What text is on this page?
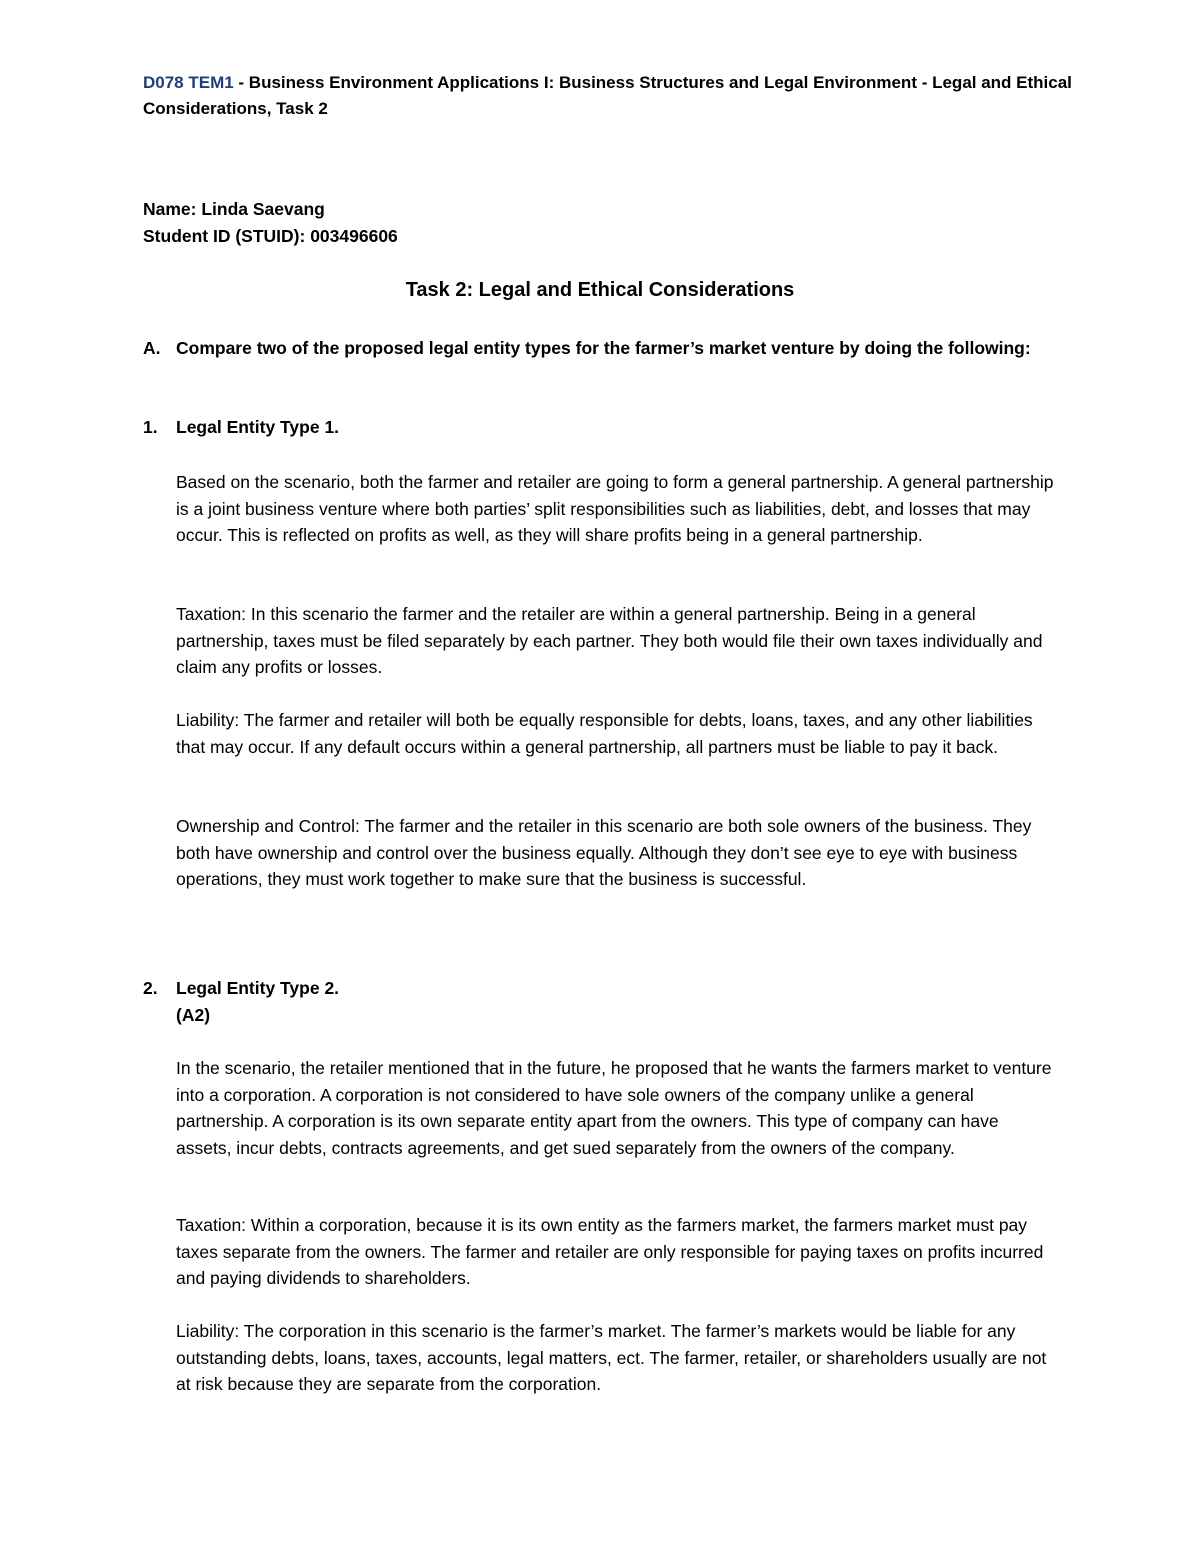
D078 TEM1 - Business Environment Applications I: Business Structures and Legal Environment - Legal and Ethical Considerations, Task 2
Name: Linda Saevang
Student ID (STUID): 003496606
Task 2: Legal and Ethical Considerations
A. Compare two of the proposed legal entity types for the farmer’s market venture by doing the following:
1. Legal Entity Type 1.

Based on the scenario, both the farmer and retailer are going to form a general partnership. A general partnership is a joint business venture where both parties’ split responsibilities such as liabilities, debt, and losses that may occur. This is reflected on profits as well, as they will share profits being in a general partnership.

Taxation: In this scenario the farmer and the retailer are within a general partnership. Being in a general partnership, taxes must be filed separately by each partner. They both would file their own taxes individually and claim any profits or losses.

Liability: The farmer and retailer will both be equally responsible for debts, loans, taxes, and any other liabilities that may occur. If any default occurs within a general partnership, all partners must be liable to pay it back.

Ownership and Control: The farmer and the retailer in this scenario are both sole owners of the business. They both have ownership and control over the business equally. Although they don’t see eye to eye with business operations, they must work together to make sure that the business is successful.

2. Legal Entity Type 2.
(A2)

In the scenario, the retailer mentioned that in the future, he proposed that he wants the farmers market to venture into a corporation. A corporation is not considered to have sole owners of the company unlike a general partnership. A corporation is its own separate entity apart from the owners. This type of company can have assets, incur debts, contracts agreements, and get sued separately from the owners of the company.

Taxation: Within a corporation, because it is its own entity as the farmers market, the farmers market must pay taxes separate from the owners. The farmer and retailer are only responsible for paying taxes on profits incurred and paying dividends to shareholders.

Liability: The corporation in this scenario is the farmer’s market. The farmer’s markets would be liable for any outstanding debts, loans, taxes, accounts, legal matters, ect. The farmer, retailer, or shareholders usually are not at risk because they are separate from the corporation.
